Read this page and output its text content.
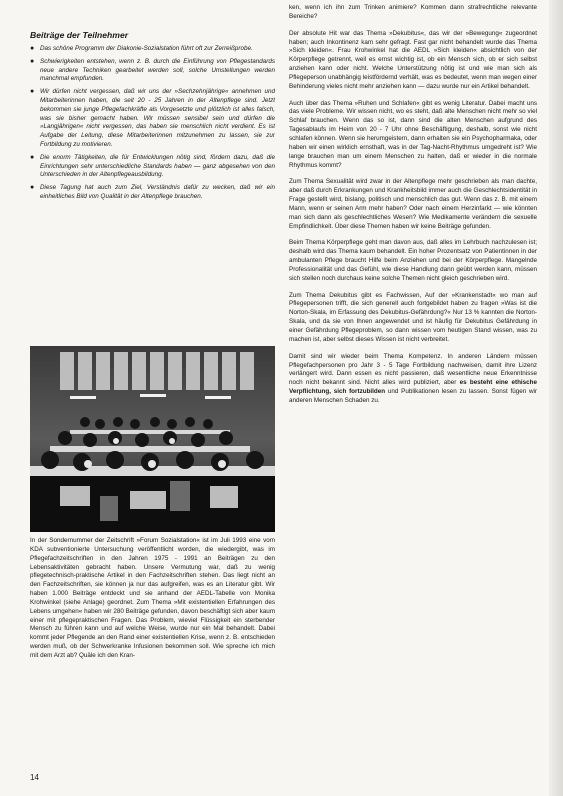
Beiträge der Teilnehmer
● Das schöne Programm der Diakonie-Sozialstation führt oft zur Zerreißprobe.
● Schwierigkeiten entstehen, wenn z. B. durch die Einführung von Pflegestandards neue andere Techniken gearbeitet werden soll, solche Umstellungen werden manchmal empfunden.
● Wir dürfen nicht vergessen, daß wir uns der »Sechzehnjährige« annehmen und Mitarbeiterinnen haben, die seit 20 - 25 Jahren in der Altenpflege sind. Jetzt bekommen sie junge Pflegefachkräfte als Vorgesetzte und plötzlich ist alles falsch, was sie bisher gemacht haben. Wir müssen sensibel sein und dürfen die »Langjährigen« nicht vergessen, das haben sie menschlich nicht verdient. Es ist Aufgabe der Leitung, diese Mitarbeiterinnen mitzunehmen zu lassen, sie zur Fortbildung zu motivieren.
● Die enorm Tätigkeiten, die für Entwicklungen nötig sind, fördern dazu, daß die Einrichtungen sehr unterschiedliche Standards haben — ganz abgesehen von den Unterschieden in der Altenpflegeausbildung.
● Diese Tagung hat auch zum Ziel, Verständnis dafür zu wecken, daß wir ein einheitliches Bild von Qualität in der Altenpflege brauchen.

In der Sondernummer der Zeitschrift »Forum Sozialstation« ist im Juli 1993 eine vom KDA subventionierte Untersuchung veröffentlicht worden, die wiedergibt, was im Pflegefachzeitschriften in den Jahren 1975 - 1991 an Beiträgen zu den Lebensaktivitäten gebracht haben. Unsere Vermutung war, daß zu wenig pflegetechnisch-praktische Artikel in den Fachzeitschriften stehen. Das liegt nicht an den Fachzeitschriften, sie können ja nur das aufgreifen, was es an Literatur gibt. Wir haben 1.000 Beiträge entdeckt und sie anhand der AEDL-Tabelle von Monika Krohwinkel (siehe Anlage) geordnet. Zum Thema »Mit existentiellen Erfahrungen des Lebens umgehen« haben wir 280 Beiträge gefunden, davon beschäftigt sich aber kaum einer mit pflegepraktischen Fragen. Das Problem, wieviel Flüssigkeit ein sterbender Mensch zu führen kann und auf welche Weise, wurde nur ein Mal behandelt. Dabei kommt jeder Pflegende an den Rand einer existentiellen Krise, wenn z. B. entschieden werden muß, ob der Schwerkranke Infusionen bekommen soll. Wie spreche ich mich mit dem Arzt ab? Quäle ich den Kran-

ken, wenn ich ihn zum Trinken animiere? Kommen dann strafrechtliche relevante Bereiche?

Der absolute Hit war das Thema »Dekubitus«, das wir der »Bewegung« zugeordnet haben; auch Inkontinenz kam sehr gefragt. Fast gar nicht behandelt wurde das Thema »Sich kleiden«. Frau Krohwinkel hat die AEDL »Sich kleiden« absichtlich von der Körperpflege getrennt, weil es ernst wichtig ist, ob ein Mensch sich, ob er sich selbst anziehen kann oder nicht. Welche Unterstützung nötig ist und wie man sich als Pflegeperson unabhängig leistfördernd verhält, was es bedeutet, wenn man wegen einer Behinderung vieles nicht mehr anziehen kann — dazu wurde nur ein Artikel behandelt.

Auch über das Thema »Ruhen und Schlafen« gibt es wenig Literatur. Dabei macht uns das viele Probleme. Wir wissen nicht, wo es steht, daß alte Menschen nicht mehr so viel Schlaf brauchen. Wenn das so ist, dann sind die alten Menschen aufgrund des Tagesablaufs im Heim von 20 - 7 Uhr ohne Beschäftigung, deshalb, sonst wie nicht schlafen können. Wenn sie herumgeistern, dann erhalten sie ein Psychopharmaka, oder haben wir einen wirklich ernsthaft, was in der Tag-Nacht-Rhythmus umgedreht ist? Wie lange brauchen man um einem Menschen zu halten, daß er wieder in die normale Rhythmus kommt?

Zum Thema Sexualität wird zwar in der Altenpflege mehr geschrieben als man dachte, aber daß durch Erkrankungen und Krankheitsbild immer auch die Geschlechtsidentität in Frage gestellt wird, bislang, politisch und menschlich das gut. Wenn das z. B. mit einem Mann, wenn er seinen Arm mehr haben? Oder nach einem Herzinfarkt — wie könnten man sich dann als geschlechtliches Wesen? Wie Medikamente verändern die sexuelle Empfindlichkeit. Über diese Themen haben wir keine Beiträge gefunden.

Beim Thema Körperpflege geht man davon aus, daß alles im Lehrbuch nachzulesen ist; deshalb wird das Thema kaum behandelt. Ein hoher Prozentsatz von Patientinnen in der ambulanten Pflege braucht Hilfe beim Anziehen und bei der Körperpflege. Mangelnde Professionalität und das Gefühl, wie diese Handlung dann geübt werden kann, müssen sich stellen noch durchaus keine solche Themen nicht gleich geschrieben wird.

Zum Thema Dekubitus gibt es Fachwissen, Auf der »Krankenstadt« wo man auf Pflegepersonen trifft, die sich generell auch fortgebildet haben zu fragen »Was ist die Norton-Skala, im Erfassung des Dekubitus-Gefährdung?« Nur 13 % kannten die Norton-Skala, und da sie von Ihnen angewendet und ist häufig für Dekubitus Gefährdung in einer Gefährdung Pflegeproblem, so dann wissen vom heutigen Stand wissen, was zu machen ist, aber selbst dieses Wissen ist nicht verbreitet.

Damit sind wir wieder beim Thema Kompetenz. In anderen Ländern müssen Pflegefachpersonen pro Jahr 3 - 5 Tage Fortbildung nachweisen, damit ihre Lizenz verlängert wird. Dann essen es nicht passieren, daß wesentliche neue Erkenntnisse noch nicht bekannt sind. Nicht alles wird publiziert, aber es besteht eine ethische Verpflichtung, sich fortzubilden und Publikationen lesen zu lassen. Sonst fügen wir anderen Menschen Schaden zu.

14
